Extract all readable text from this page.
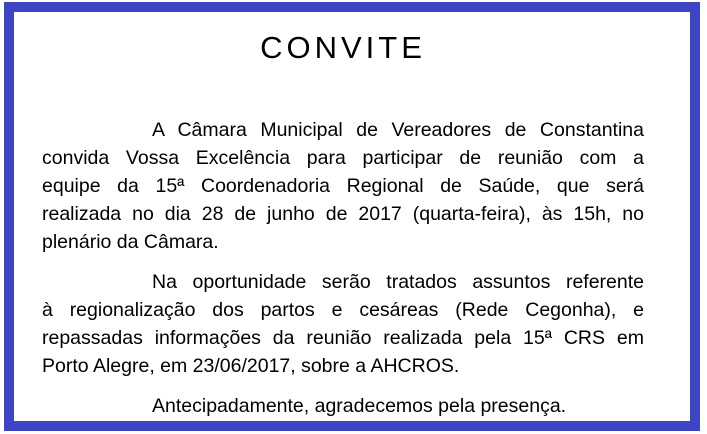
CONVITE

A Câmara Municipal de Vereadores de Constantina
convida Vossa Excelência para participar de reunião com a
equipe da 15ª Coordenadoria Regional de Saúde, que será
realizada no dia 28 de junho de 2017 (quarta-feira), às 15h, no
plenário da Câmara.

Na oportunidade serão tratados assuntos referente
à regionalização dos partos e cesáreas (Rede Cegonha), e
repassadas informações da reunião realizada pela 15ª CRS em
Porto Alegre, em 23/06/2017, sobre a AHCROS.

Antecipadamente, agradecemos pela presença.
